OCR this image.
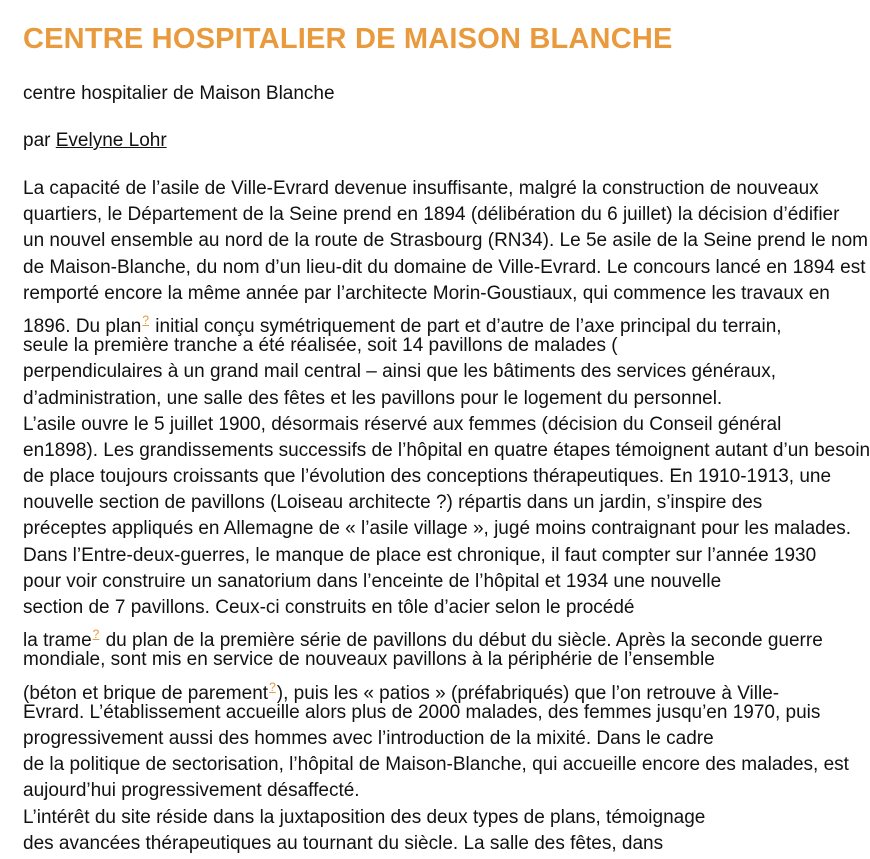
CENTRE HOSPITALIER DE MAISON BLANCHE
centre hospitalier de Maison Blanche
par Evelyne Lohr
La capacité de l’asile de Ville-Evrard devenue insuffisante, malgré la construction de nouveaux
quartiers, le Département de la Seine prend en 1894 (délibération du 6 juillet) la décision d’édifier
un nouvel ensemble au nord de la route de Strasbourg (RN34). Le 5e asile de la Seine prend le nom
de Maison-Blanche, du nom d’un lieu-dit du domaine de Ville-Evrard. Le concours lancé en 1894 est
remporté encore la même année par l’architecte Morin-Goustiaux, qui commence les travaux en
1896. Du plan? initial conçu symétriquement de part et d’autre de l’axe principal du terrain,
seule la première tranche a été réalisée, soit 14 pavillons de malades (
perpendiculaires à un grand mail central – ainsi que les bâtiments des services généraux,
d’administration, une salle des fêtes et les pavillons pour le logement du personnel.
L’asile ouvre le 5 juillet 1900, désormais réservé aux femmes (décision du Conseil général
en1898). Les grandissements successifs de l’hôpital en quatre étapes témoignent autant d’un besoin
de place toujours croissants que l’évolution des conceptions thérapeutiques. En 1910-1913, une
nouvelle section de pavillons (Loiseau architecte ?) répartis dans un jardin, s’inspire des
préceptes appliqués en Allemagne de « l’asile village », jugé moins contraignant pour les malades.
Dans l’Entre-deux-guerres, le manque de place est chronique, il faut compter sur l’année 1930
pour voir construire un sanatorium dans l’enceinte de l’hôpital et 1934 une nouvelle
section de 7 pavillons. Ceux-ci construits en tôle d’acier selon le procédé
la trame? du plan de la première série de pavillons du début du siècle. Après la seconde guerre
mondiale, sont mis en service de nouveaux pavillons à la périphérie de l’ensemble
(béton et brique de parement?), puis les « patios » (préfabriqués) que l’on retrouve à Ville-
Evrard. L’établissement accueille alors plus de 2000 malades, des femmes jusqu’en 1970, puis
progressivement aussi des hommes avec l’introduction de la mixité. Dans le cadre
de la politique de sectorisation, l’hôpital de Maison-Blanche, qui accueille encore des malades, est
aujourd’hui progressivement désaffecté.
L’intérêt du site réside dans la juxtaposition des deux types de plans, témoignage
des avancées thérapeutiques au tournant du siècle. La salle des fêtes, dans
